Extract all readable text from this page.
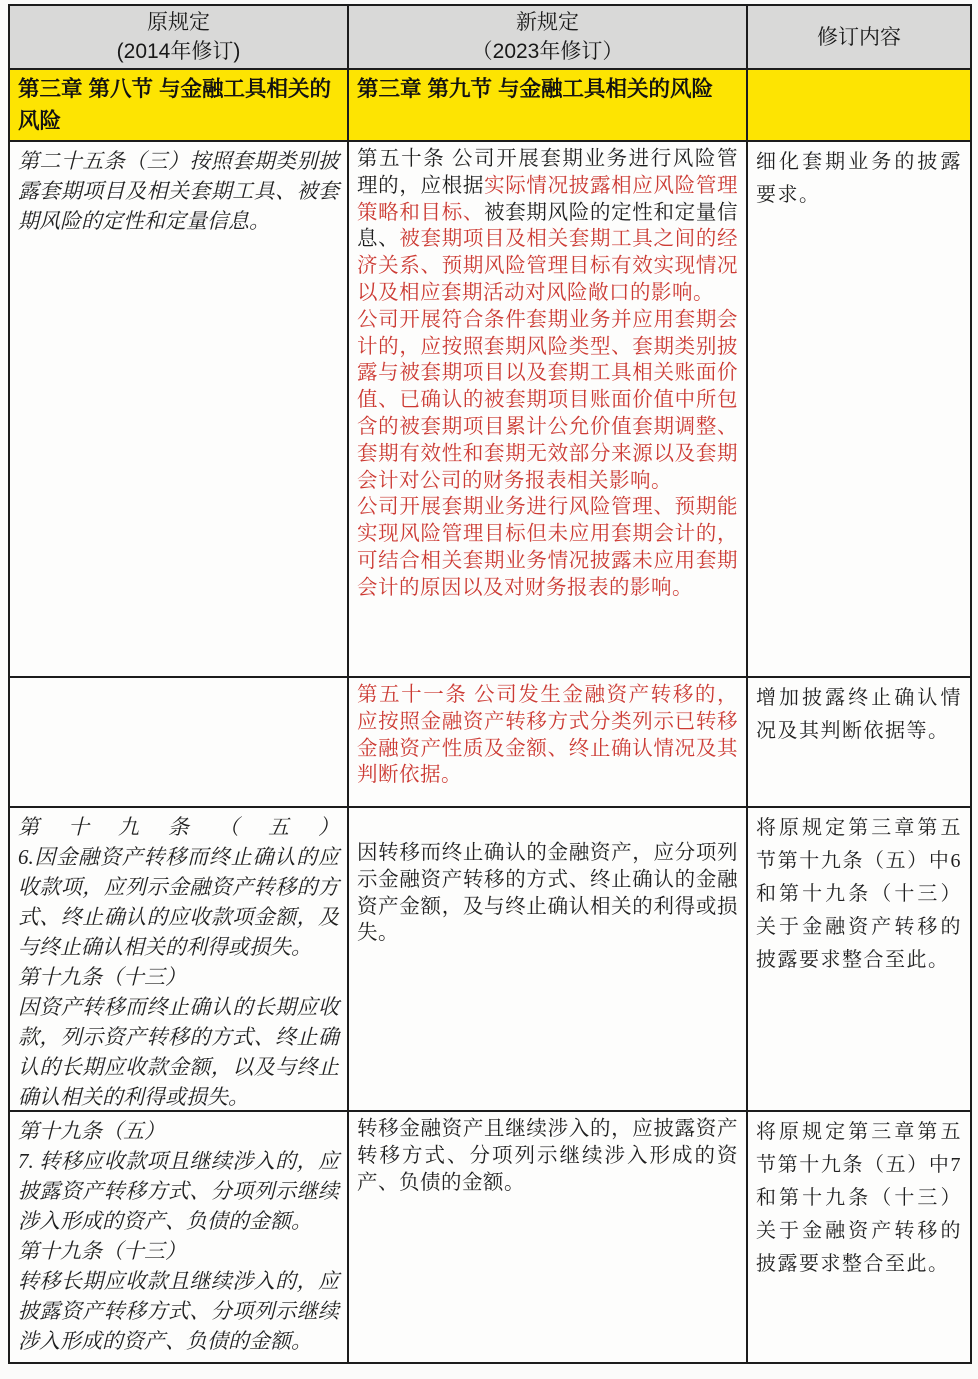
原规定
(2014年修订)
新规定
（2023年修订）
修订内容
第三章 第八节 与金融工具相关的风险
第三章 第九节 与金融工具相关的风险

第二十五条（三）按照套期类别披露套期项目及相关套期工具、被套期风险的定性和定量信息。

第五十条 公司开展套期业务进行风险管理的，应根据实际情况披露相应风险管理策略和目标、被套期风险的定性和定量信息、被套期项目及相关套期工具之间的经济关系、预期风险管理目标有效实现情况以及相应套期活动对风险敞口的影响。

公司开展符合条件套期业务并应用套期会计的，应按照套期风险类型、套期类别披露与被套期项目以及套期工具相关账面价值、已确认的被套期项目账面价值中所包含的被套期项目累计公允价值套期调整、套期有效性和套期无效部分来源以及套期会计对公司的财务报表相关影响。

公司开展套期业务进行风险管理、预期能实现风险管理目标但未应用套期会计的，可结合相关套期业务情况披露未应用套期会计的原因以及对财务报表的影响。

细化套期业务的披露要求。

第五十一条 公司发生金融资产转移的，应按照金融资产转移方式分类列示已转移金融资产性质及金额、终止确认情况及其判断依据。

增加披露终止确认情况及其判断依据等。

第十九条（五）

6.因金融资产转移而终止确认的应收款项，应列示金融资产转移的方式、终止确认的应收款项金额，及与终止确认相关的利得或损失。

第十九条（十三）

因资产转移而终止确认的长期应收款，列示资产转移的方式、终止确认的长期应收款金额，以及与终止确认相关的利得或损失。

因转移而终止确认的金融资产，应分项列示金融资产转移的方式、终止确认的金融资产金额，及与终止确认相关的利得或损失。

将原规定第三章第五节第十九条（五）中6和第十九条（十三）关于金融资产转移的披露要求整合至此。

第十九条（五）

7. 转移应收款项且继续涉入的，应披露资产转移方式、分项列示继续涉入形成的资产、负债的金额。

第十九条（十三）

转移长期应收款且继续涉入的，应披露资产转移方式、分项列示继续涉入形成的资产、负债的金额。

转移金融资产且继续涉入的，应披露资产转移方式、分项列示继续涉入形成的资产、负债的金额。

将原规定第三章第五节第十九条（五）中7和第十九条（十三）关于金融资产转移的披露要求整合至此。
